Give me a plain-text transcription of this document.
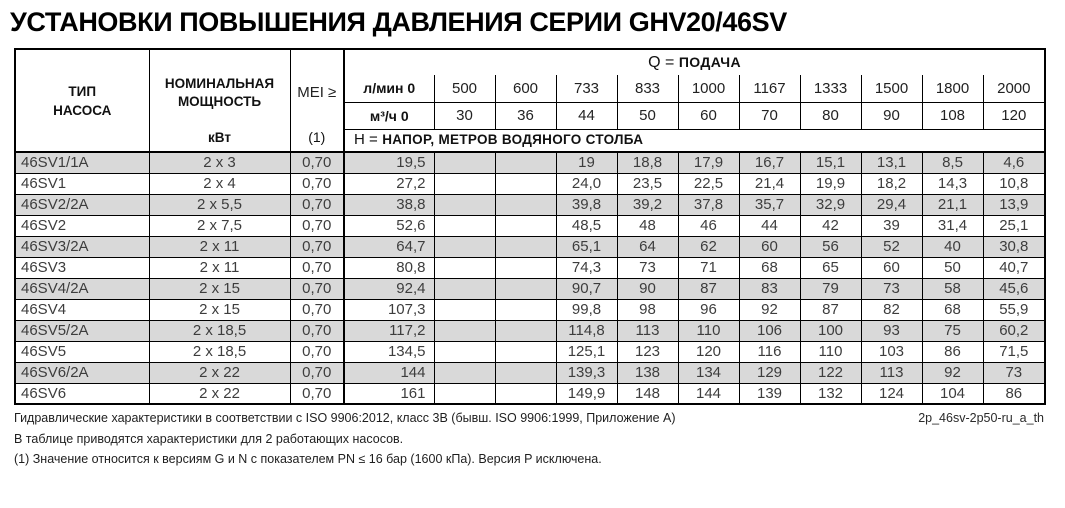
УСТАНОВКИ ПОВЫШЕНИЯ ДАВЛЕНИЯ СЕРИИ GHV20/46SV
ТИП
НАСОСА

НОМИНАЛЬНАЯ
МОЩНОСТЬ
кВт

MEI ≥
(1)
	Q = ПОДАЧА
			л/мин 0	500	600	733	833	1000	1167	1333	1500	1800	2000
			м³/ч 0	30	36	44	50	60	70	80	90	108	120
			Н = НАПОР, МЕТРОВ ВОДЯНОГО СТОЛБА										
46SV1/1A	2 x 3	0,70	19,5			19	18,8	17,9	16,7	15,1	13,1	8,5	4,6
46SV1	2 x 4	0,70	27,2			24,0	23,5	22,5	21,4	19,9	18,2	14,3	10,8
46SV2/2A	2 x 5,5	0,70	38,8			39,8	39,2	37,8	35,7	32,9	29,4	21,1	13,9
46SV2	2 x 7,5	0,70	52,6			48,5	48	46	44	42	39	31,4	25,1
46SV3/2A	2 x 11	0,70	64,7			65,1	64	62	60	56	52	40	30,8
46SV3	2 x 11	0,70	80,8			74,3	73	71	68	65	60	50	40,7
46SV4/2A	2 x 15	0,70	92,4			90,7	90	87	83	79	73	58	45,6
46SV4	2 x 15	0,70	107,3			99,8	98	96	92	87	82	68	55,9
46SV5/2A	2 x 18,5	0,70	117,2			114,8	113	110	106	100	93	75	60,2
46SV5	2 x 18,5	0,70	134,5			125,1	123	120	116	110	103	86	71,5
46SV6/2A	2 x 22	0,70	144			139,3	138	134	129	122	113	92	73
46SV6	2 x 22	0,70	161			149,9	148	144	139	132	124	104	86
Гидравлические характеристики в соответствии с ISO 9906:2012, класс 3B (бывш. ISO 9906:1999, Приложение A)	2p_46sv-2p50-ru_a_th
В таблице приводятся характеристики для 2 работающих насосов.
(1) Значение относится к версиям G и N с показателем PN ≤ 16 бар (1600 кПа). Версия P исключена.
